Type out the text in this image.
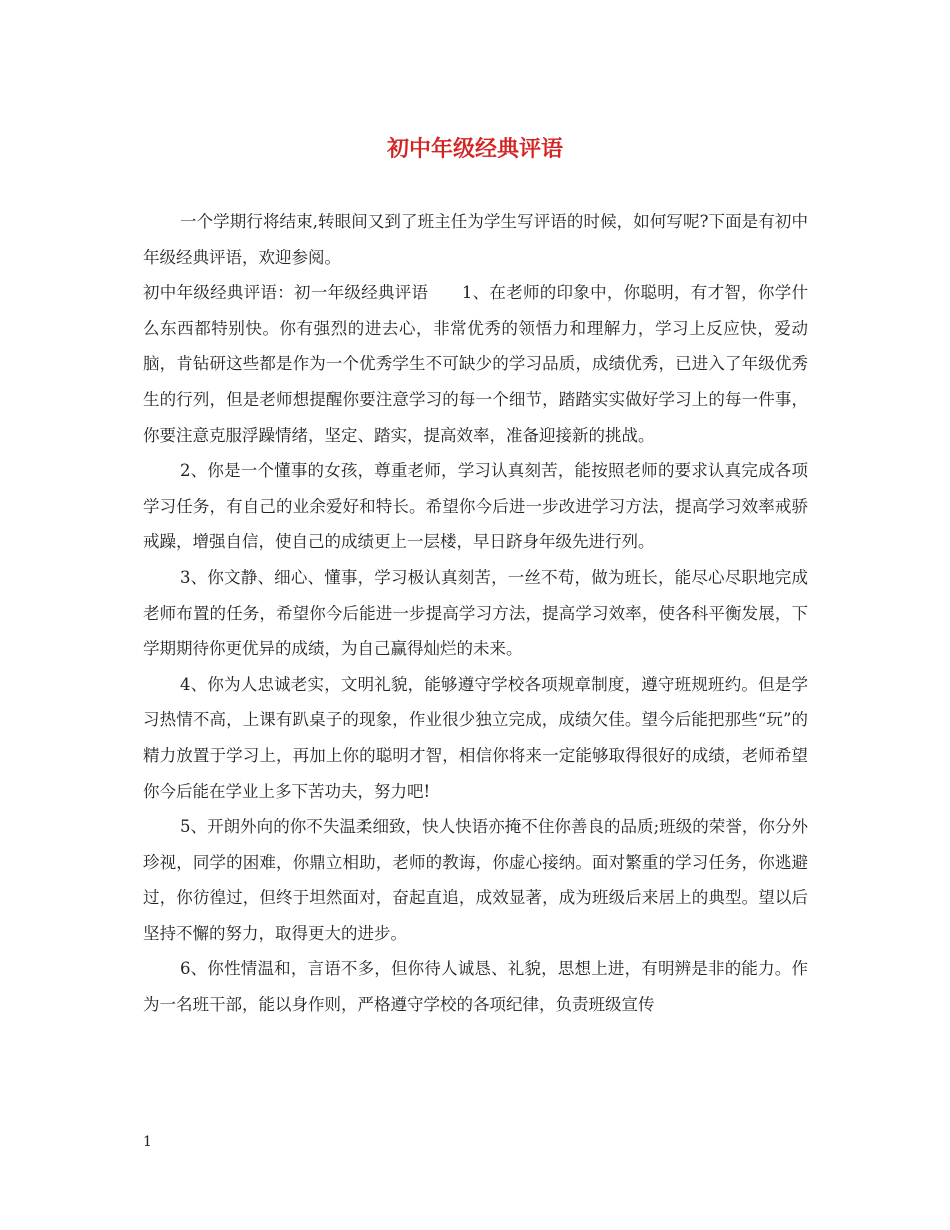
初中年级经典评语

一个学期行将结束,转眼间又到了班主任为学生写评语的时候，如何写呢?下面是有初中年级经典评语，欢迎参阅。

初中年级经典评语：初一年级经典评语　　1、在老师的印象中，你聪明，有才智，你学什么东西都特别快。你有强烈的进去心，非常优秀的领悟力和理解力，学习上反应快，爱动脑，肯钻研这些都是作为一个优秀学生不可缺少的学习品质，成绩优秀，已进入了年级优秀生的行列，但是老师想提醒你要注意学习的每一个细节，踏踏实实做好学习上的每一件事，你要注意克服浮躁情绪，坚定、踏实，提高效率，准备迎接新的挑战。

2、你是一个懂事的女孩，尊重老师，学习认真刻苦，能按照老师的要求认真完成各项学习任务，有自己的业余爱好和特长。希望你今后进一步改进学习方法，提高学习效率戒骄戒躁，增强自信，使自己的成绩更上一层楼，早日跻身年级先进行列。

3、你文静、细心、懂事，学习极认真刻苦，一丝不苟，做为班长，能尽心尽职地完成老师布置的任务，希望你今后能进一步提高学习方法，提高学习效率，使各科平衡发展，下学期期待你更优异的成绩，为自己赢得灿烂的未来。

4、你为人忠诚老实，文明礼貌，能够遵守学校各项规章制度，遵守班规班约。但是学习热情不高，上课有趴桌子的现象，作业很少独立完成，成绩欠佳。望今后能把那些“玩”的精力放置于学习上，再加上你的聪明才智，相信你将来一定能够取得很好的成绩，老师希望你今后能在学业上多下苦功夫，努力吧!

5、开朗外向的你不失温柔细致，快人快语亦掩不住你善良的品质;班级的荣誉，你分外珍视，同学的困难，你鼎立相助，老师的教诲，你虚心接纳。面对繁重的学习任务，你逃避过，你彷徨过，但终于坦然面对，奋起直追，成效显著，成为班级后来居上的典型。望以后坚持不懈的努力，取得更大的进步。

6、你性情温和，言语不多，但你待人诚恳、礼貌，思想上进，有明辨是非的能力。作为一名班干部，能以身作则，严格遵守学校的各项纪律，负责班级宣传

1
